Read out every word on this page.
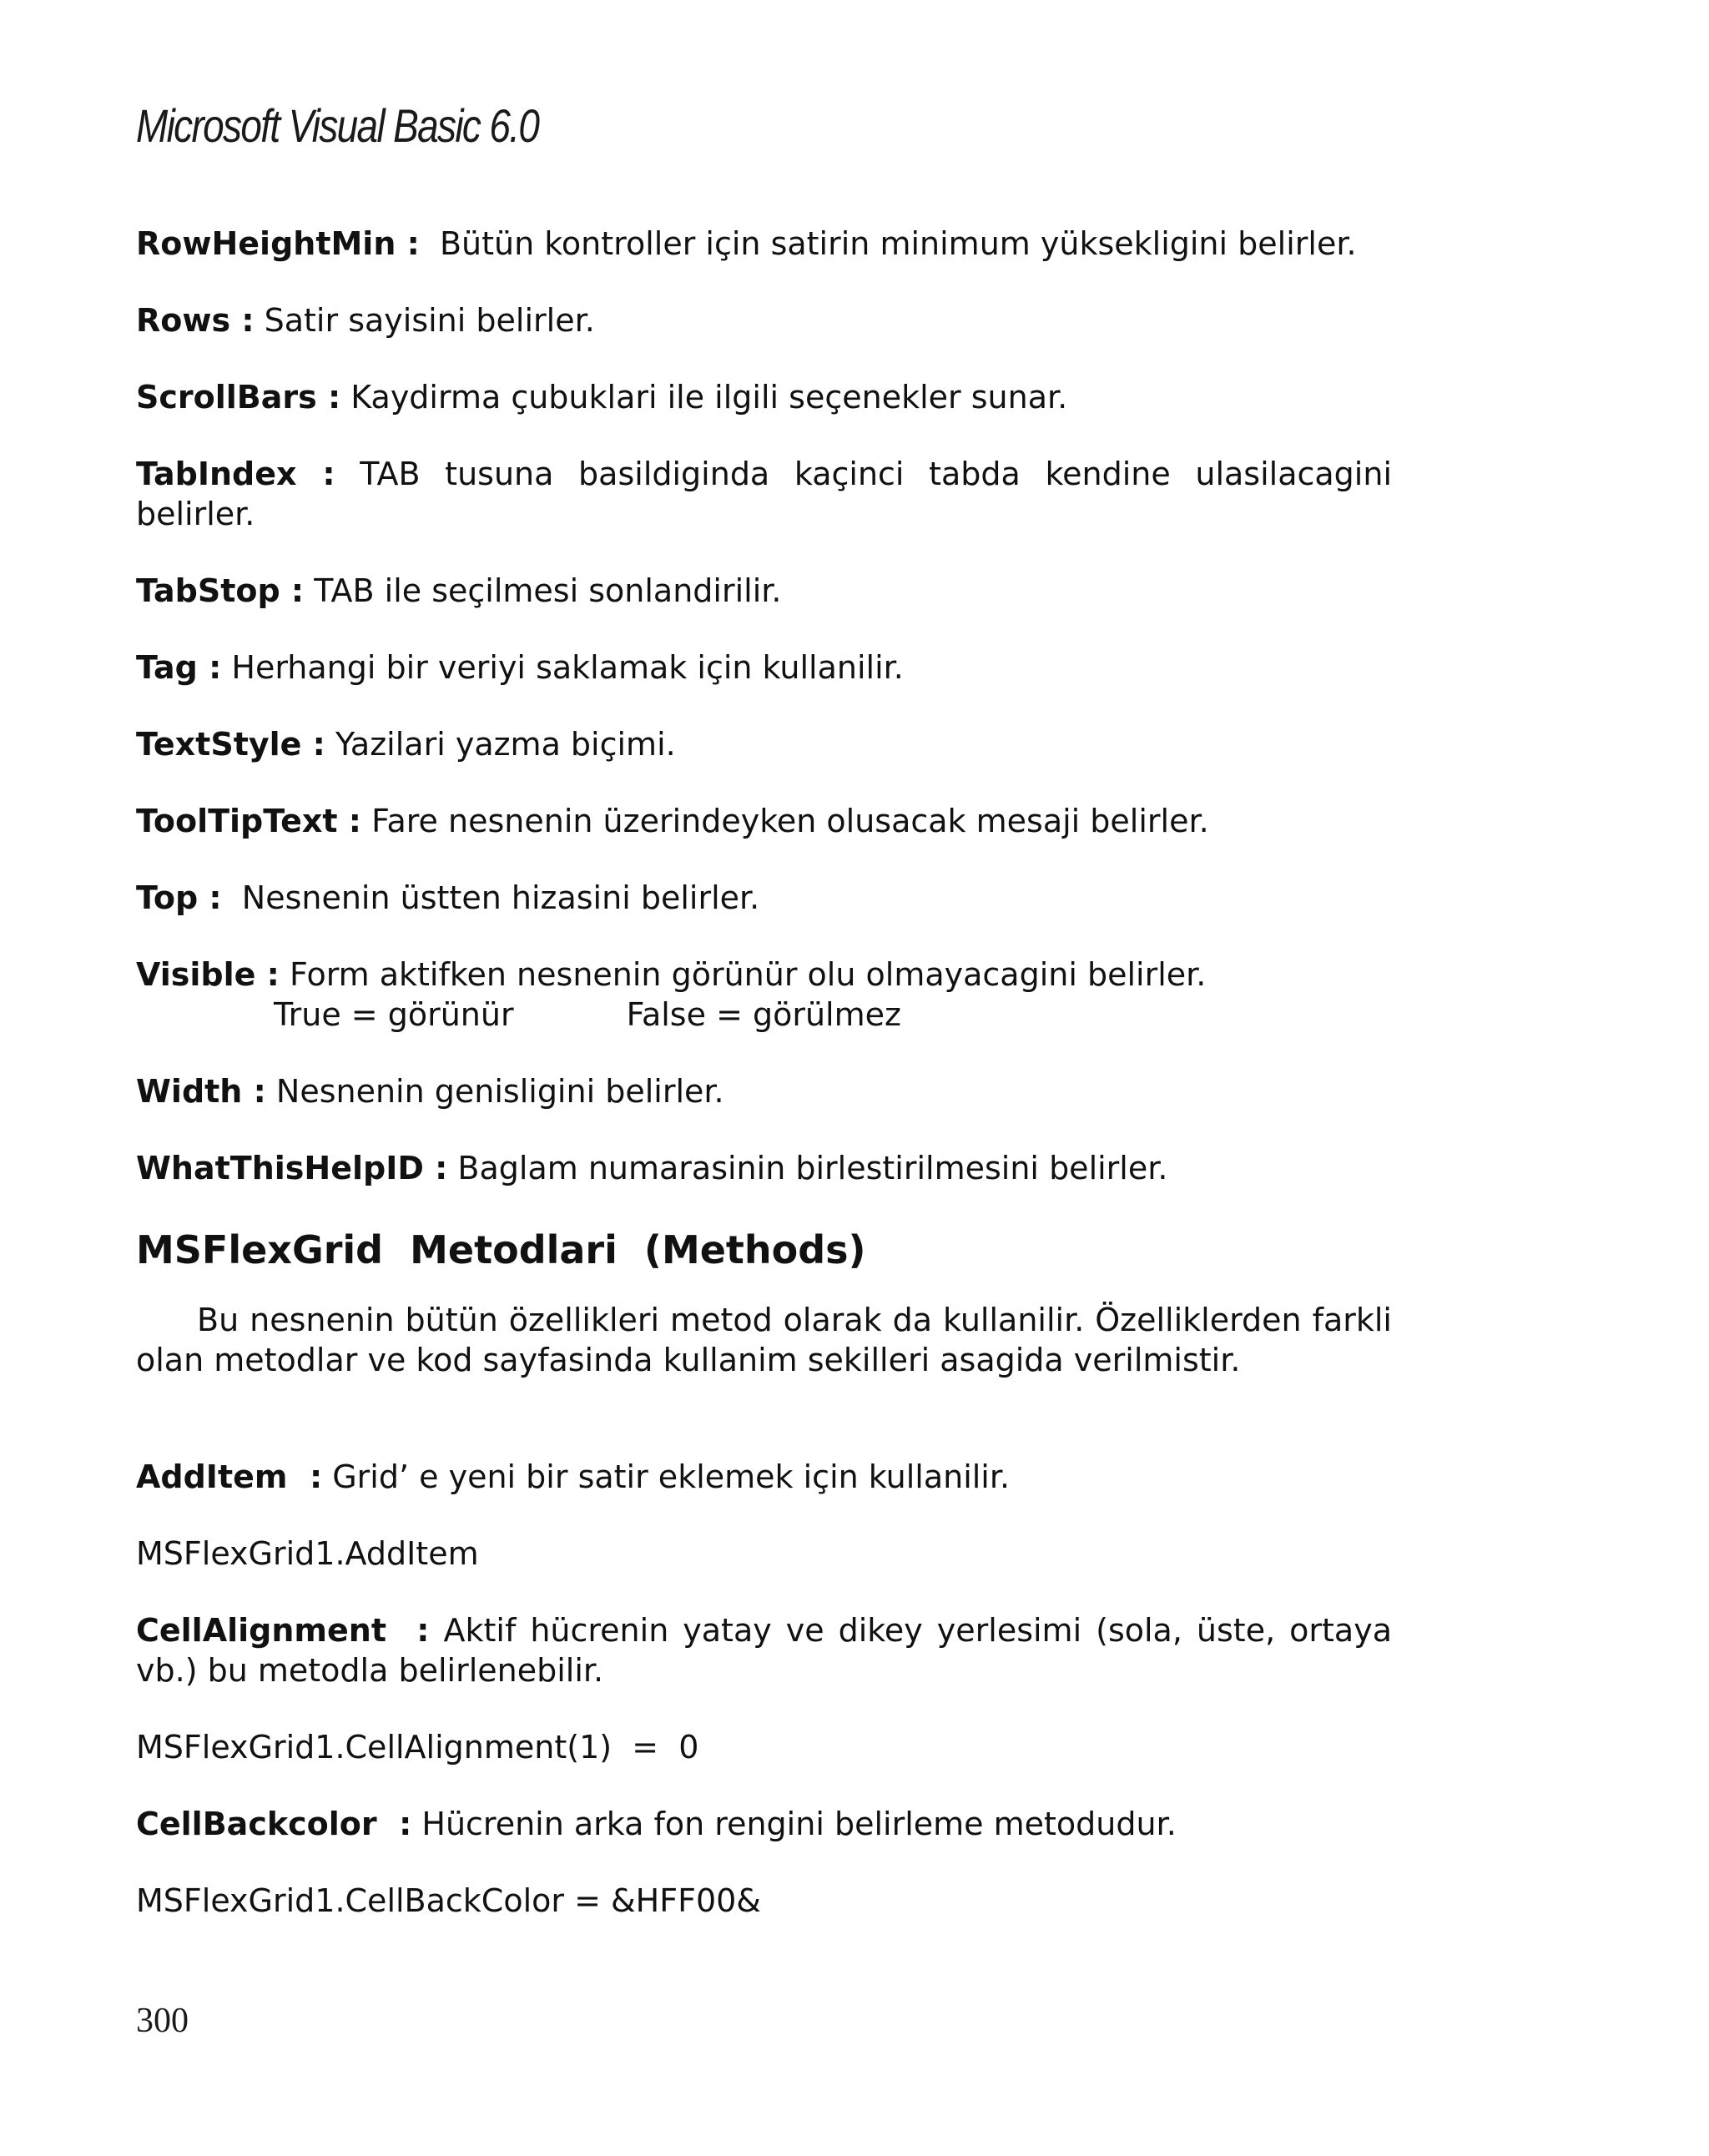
Microsoft Visual Basic 6.0

RowHeightMin : Bütün kontroller için satirin minimum yüksekligini belirler.

Rows : Satir sayisini belirler.

ScrollBars : Kaydirma çubuklari ile ilgili seçenekler sunar.

TabIndex : TAB tusuna basildiginda kaçinci tabda kendine ulasilacagini belirler.

TabStop : TAB ile seçilmesi sonlandirilir.

Tag : Herhangi bir veriyi saklamak için kullanilir.

TextStyle : Yazilari yazma biçimi.

ToolTipText : Fare nesnenin üzerindeyken olusacak mesaji belirler.

Top : Nesnenin üstten hizasini belirler.

Visible : Form aktifken nesnenin görünür olu olmayacagini belirler.
True = görünür	False = görülmez

Width : Nesnenin genisligini belirler.

WhatThisHelpID : Baglam numarasinin birlestirilmesini belirler.

MSFlexGrid  Metodlari  (Methods)

Bu nesnenin bütün özellikleri metod olarak da kullanilir. Özelliklerden farkli olan metodlar ve kod sayfasinda kullanim sekilleri asagida verilmistir.

AddItem  : Grid’ e yeni bir satir eklemek için kullanilir.

MSFlexGrid1.AddItem

CellAlignment  : Aktif hücrenin yatay ve dikey yerlesimi (sola, üste, ortaya vb.) bu metodla belirlenebilir.

MSFlexGrid1.CellAlignment(1)  =  0

CellBackcolor  : Hücrenin arka fon rengini belirleme metodudur.

MSFlexGrid1.CellBackColor = &HFF00&

300
